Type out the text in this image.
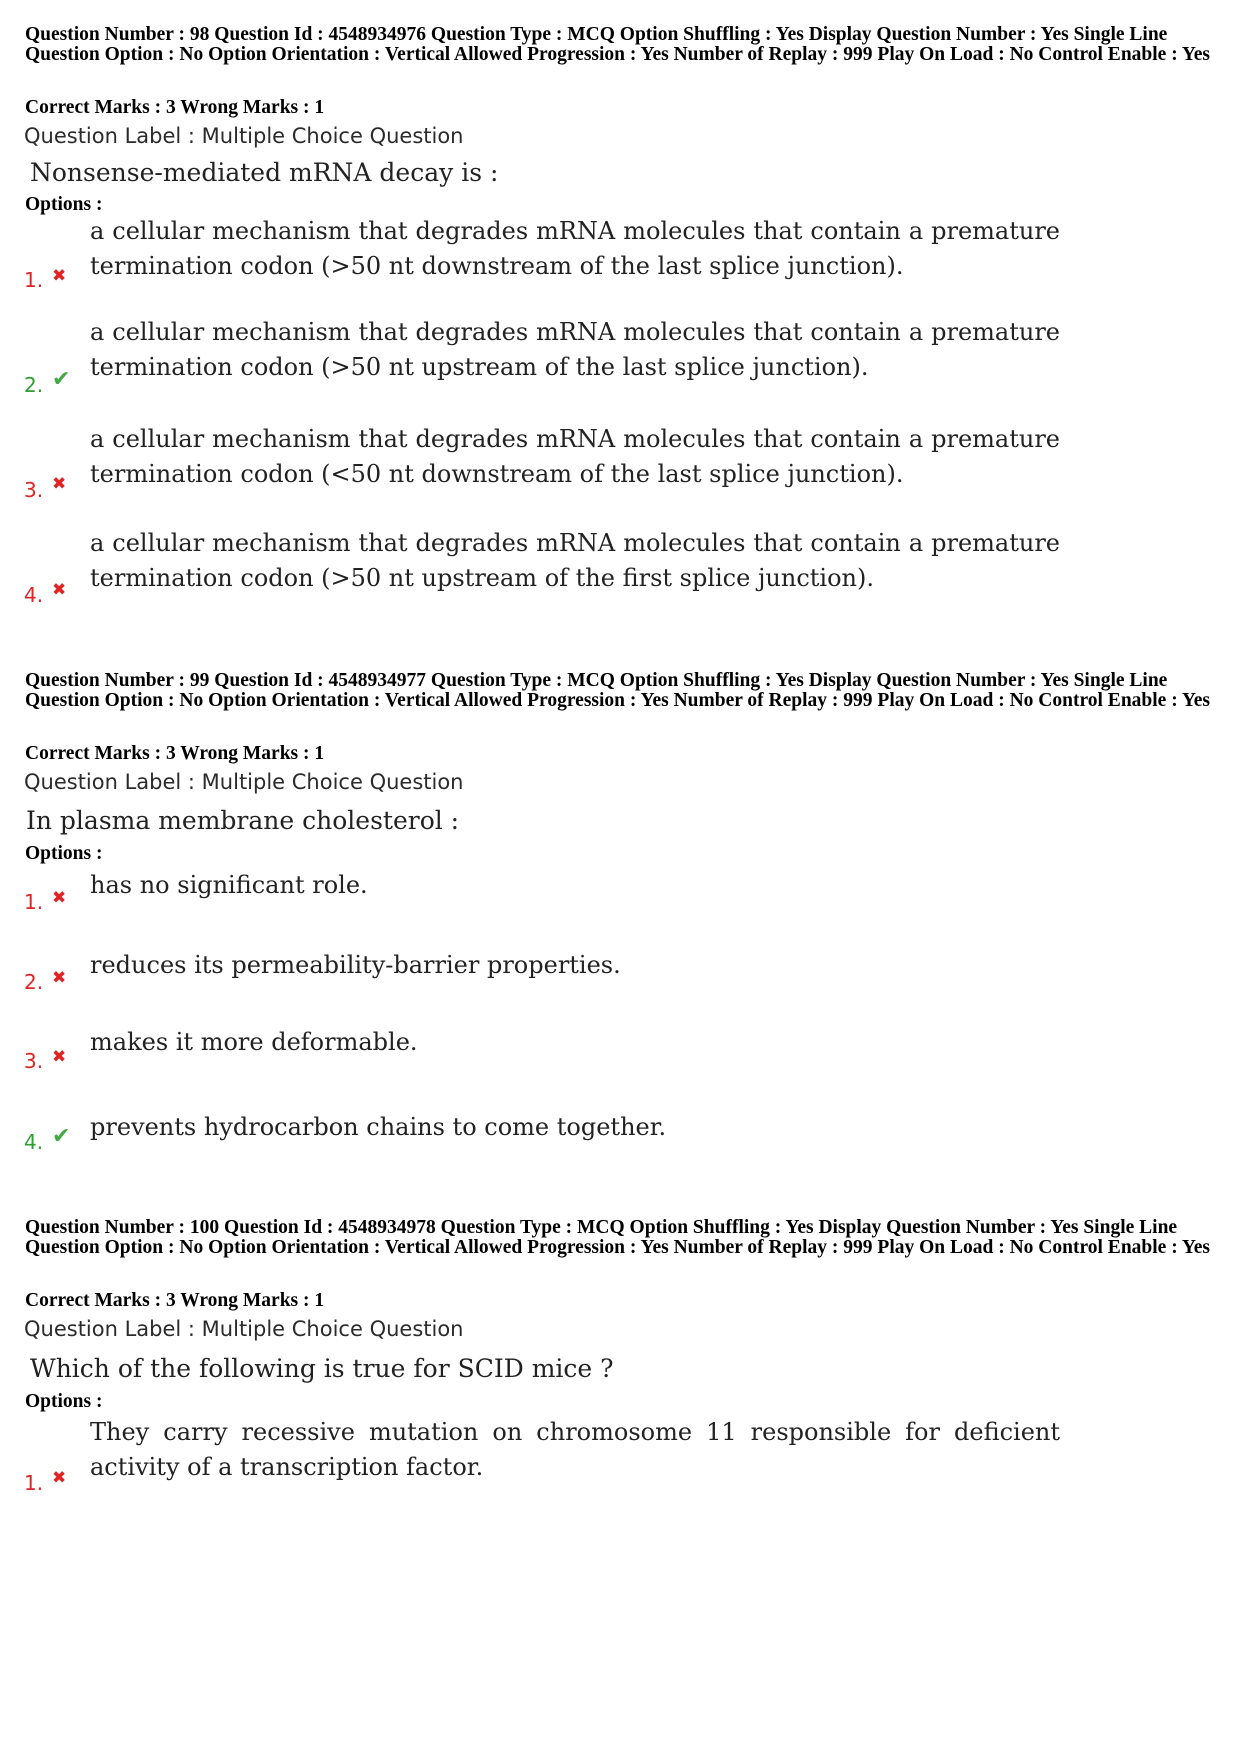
Question Number : 98 Question Id : 4548934976 Question Type : MCQ Option Shuffling : Yes Display Question Number : Yes Single Line Question Option : No Option Orientation : Vertical Allowed Progression : Yes Number of Replay : 999 Play On Load : No Control Enable : Yes
Correct Marks : 3 Wrong Marks : 1
Question Label : Multiple Choice Question
Nonsense-mediated mRNA decay is :
Options :
1. ✖
a cellular mechanism that degrades mRNA molecules that contain a premature termination codon (>50 nt downstream of the last splice junction).
2. ✔
a cellular mechanism that degrades mRNA molecules that contain a premature termination codon (>50 nt upstream of the last splice junction).
3. ✖
a cellular mechanism that degrades mRNA molecules that contain a premature termination codon (<50 nt downstream of the last splice junction).
4. ✖
a cellular mechanism that degrades mRNA molecules that contain a premature termination codon (>50 nt upstream of the first splice junction).
Question Number : 99 Question Id : 4548934977 Question Type : MCQ Option Shuffling : Yes Display Question Number : Yes Single Line Question Option : No Option Orientation : Vertical Allowed Progression : Yes Number of Replay : 999 Play On Load : No Control Enable : Yes
Correct Marks : 3 Wrong Marks : 1
Question Label : Multiple Choice Question
In plasma membrane cholesterol :
Options :
1. ✖ has no significant role.
2. ✖ reduces its permeability-barrier properties.
3. ✖
makes it more deformable.
4. ✔ prevents hydrocarbon chains to come together.
Question Number : 100 Question Id : 4548934978 Question Type : MCQ Option Shuffling : Yes Display Question Number : Yes Single Line Question Option : No Option Orientation : Vertical Allowed Progression : Yes Number of Replay : 999 Play On Load : No Control Enable : Yes
Correct Marks : 3 Wrong Marks : 1
Question Label : Multiple Choice Question
Which of the following is true for SCID mice ?
Options :
1. ✖
They carry recessive mutation on chromosome 11 responsible for deficient activity of a transcription factor.
